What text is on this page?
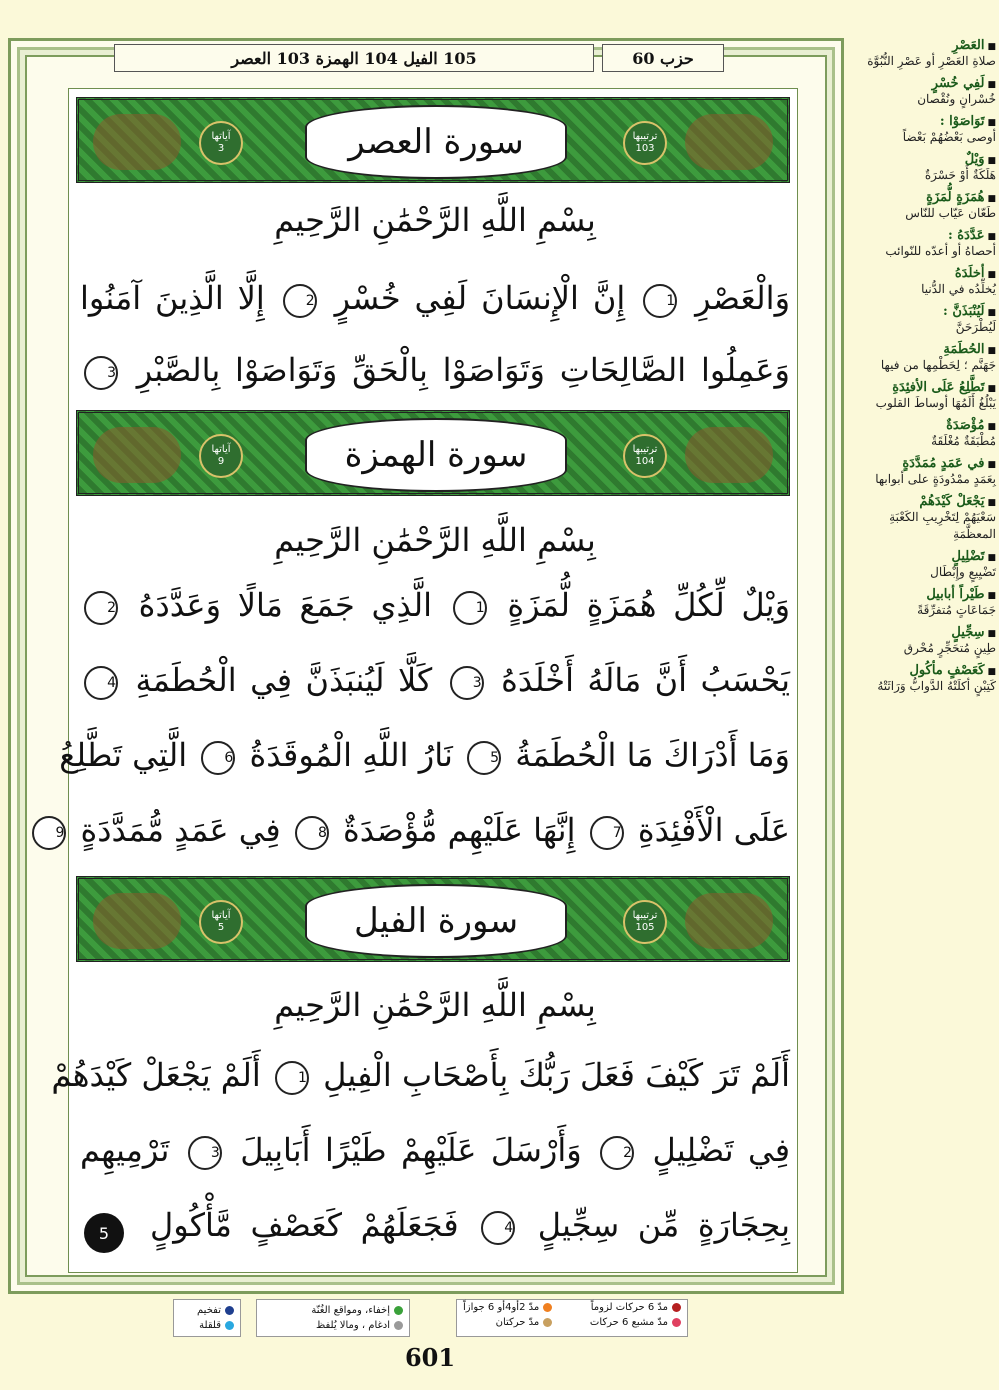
حزب 60
105 الفيل 104 الهمزة 103 العصر
آياتها
3	سورة العصر	ترتيبها
103
بِسْمِ اللَّهِ الرَّحْمَٰنِ الرَّحِيمِ
وَالْعَصْرِ 1 إِنَّ الْإِنسَانَ لَفِي خُسْرٍ 2 إِلَّا الَّذِينَ آمَنُوا
وَعَمِلُوا الصَّالِحَاتِ وَتَوَاصَوْا بِالْحَقِّ وَتَوَاصَوْا بِالصَّبْرِ 3
آياتها
9	سورة الهمزة	ترتيبها
104
بِسْمِ اللَّهِ الرَّحْمَٰنِ الرَّحِيمِ
وَيْلٌ لِّكُلِّ هُمَزَةٍ لُّمَزَةٍ 1 الَّذِي جَمَعَ مَالًا وَعَدَّدَهُ 2
يَحْسَبُ أَنَّ مَالَهُ أَخْلَدَهُ 3 كَلَّا لَيُنبَذَنَّ فِي الْحُطَمَةِ 4
وَمَا أَدْرَاكَ مَا الْحُطَمَةُ 5 نَارُ اللَّهِ الْمُوقَدَةُ 6 الَّتِي تَطَّلِعُ
عَلَى الْأَفْئِدَةِ 7 إِنَّهَا عَلَيْهِم مُّؤْصَدَةٌ 8 فِي عَمَدٍ مُّمَدَّدَةٍ 9
آياتها
5	سورة الفيل	ترتيبها
105
بِسْمِ اللَّهِ الرَّحْمَٰنِ الرَّحِيمِ
أَلَمْ تَرَ كَيْفَ فَعَلَ رَبُّكَ بِأَصْحَابِ الْفِيلِ 1 أَلَمْ يَجْعَلْ كَيْدَهُمْ
فِي تَضْلِيلٍ 2 وَأَرْسَلَ عَلَيْهِمْ طَيْرًا أَبَابِيلَ 3 تَرْمِيهِم
بِحِجَارَةٍ مِّن سِجِّيلٍ 4 فَجَعَلَهُمْ كَعَصْفٍ مَّأْكُولٍ
5
تفخيم
قلقلة
إخفاء، ومواقع الغُنّة
ادغام ، ومالا يُلفظ
مدّ 6 حركات لزوماً
مدّ مشبع 6 حركات
مدّ 2أو4أو 6 جوازاً
مدّ حركتان
601
■ العَصْرِ
صلاةِ العَصْرِ أو عَصْرِ النُّبُوَّة
■ لَفِي خُسْرٍ
خُسْرانٍ ونُقْصان
■ تَوَاصَوْا :
أوصى بَعْضُهُمْ بَعْضاً
■ وَيْلٌ
هَلَكَةٌ أَوْ حَسْرَةٌ
■ هُمَزَةٍ لُّمَزَةٍ
طَعّان عَيّاب للنّاس
■ عَدَّدَهُ :
أحصاهُ أو أعدّه للنّوائب
■ أخلَدَهُ
يُخلِّدُه في الدُّنيا
■ لَيُنْبَذَنَّ :
لَيُطْرَحَنَّ
■ الحُطَمَةِ
جَهَنَّم ؛ لِحَطْمِها من فيها
■ تَطَّلِعُ عَلَى الأفئِدَةِ
يَبْلُغُ أَلَمُهَا أوساطَ القلوب
■ مُؤْصَدَةٌ
مُطْبَقَةٌ مُغْلَقَةٌ
■ في عَمَدٍ مُمَدَّدَةٍ
بِعَمَدٍ ممْدُودَةٍ على أبوابها
■ يَجْعَلْ كَيْدَهُمْ
سَعْيَهُمْ لِتَخْرِيبِ الكَعْبَةِ المعظَّمَةِ
■ تَضْلِيلٍ
تَضْيِيعٍ وإِبْطَال
■ طَيْراً أبابيل
جَمَاعَاتٍ مُتفرِّقَةً
■ سِجِّيلٍ
طِينٍ مُتحَجِّرٍ مُحْرق
■ كَعَصْفٍ مأكُول
كَتِبْنٍ أكلَتْهُ الدَّوابُّ وَرَاثَتْهُ
